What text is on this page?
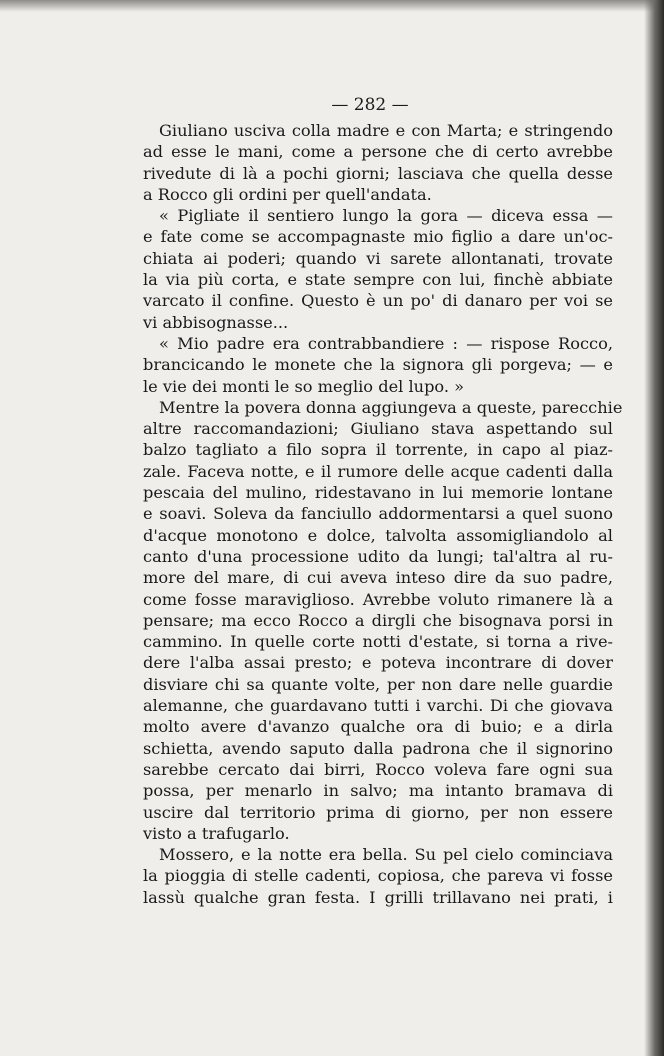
— 282 —
Giuliano usciva colla madre e con Marta; e stringendo
ad esse le mani, come a persone che di certo avrebbe
rivedute di là a pochi giorni; lasciava che quella desse
a Rocco gli ordini per quell'andata.
« Pigliate il sentiero lungo la gora — diceva essa —
e fate come se accompagnaste mio figlio a dare un'oc-
chiata ai poderi; quando vi sarete allontanati, trovate
la via più corta, e state sempre con lui, finchè abbiate
varcato il confine. Questo è un po' di danaro per voi se
vi abbisognasse...
« Mio padre era contrabbandiere : — rispose Rocco,
brancicando le monete che la signora gli porgeva; — e
le vie dei monti le so meglio del lupo. »
Mentre la povera donna aggiungeva a queste, parecchie
altre raccomandazioni; Giuliano stava aspettando sul
balzo tagliato a filo sopra il torrente, in capo al piaz-
zale. Faceva notte, e il rumore delle acque cadenti dalla
pescaia del mulino, ridestavano in lui memorie lontane
e soavi. Soleva da fanciullo addormentarsi a quel suono
d'acque monotono e dolce, talvolta assomigliandolo al
canto d'una processione udito da lungi; tal'altra al ru-
more del mare, di cui aveva inteso dire da suo padre,
come fosse maraviglioso. Avrebbe voluto rimanere là a
pensare; ma ecco Rocco a dirgli che bisognava porsi in
cammino. In quelle corte notti d'estate, si torna a rive-
dere l'alba assai presto; e poteva incontrare di dover
disviare chi sa quante volte, per non dare nelle guardie
alemanne, che guardavano tutti i varchi. Di che giovava
molto avere d'avanzo qualche ora di buio; e a dirla
schietta, avendo saputo dalla padrona che il signorino
sarebbe cercato dai birri, Rocco voleva fare ogni sua
possa, per menarlo in salvo; ma intanto bramava di
uscire dal territorio prima di giorno, per non essere
visto a trafugarlo.
Mossero, e la notte era bella. Su pel cielo cominciava
la pioggia di stelle cadenti, copiosa, che pareva vi fosse
lassù qualche gran festa. I grilli trillavano nei prati, i
